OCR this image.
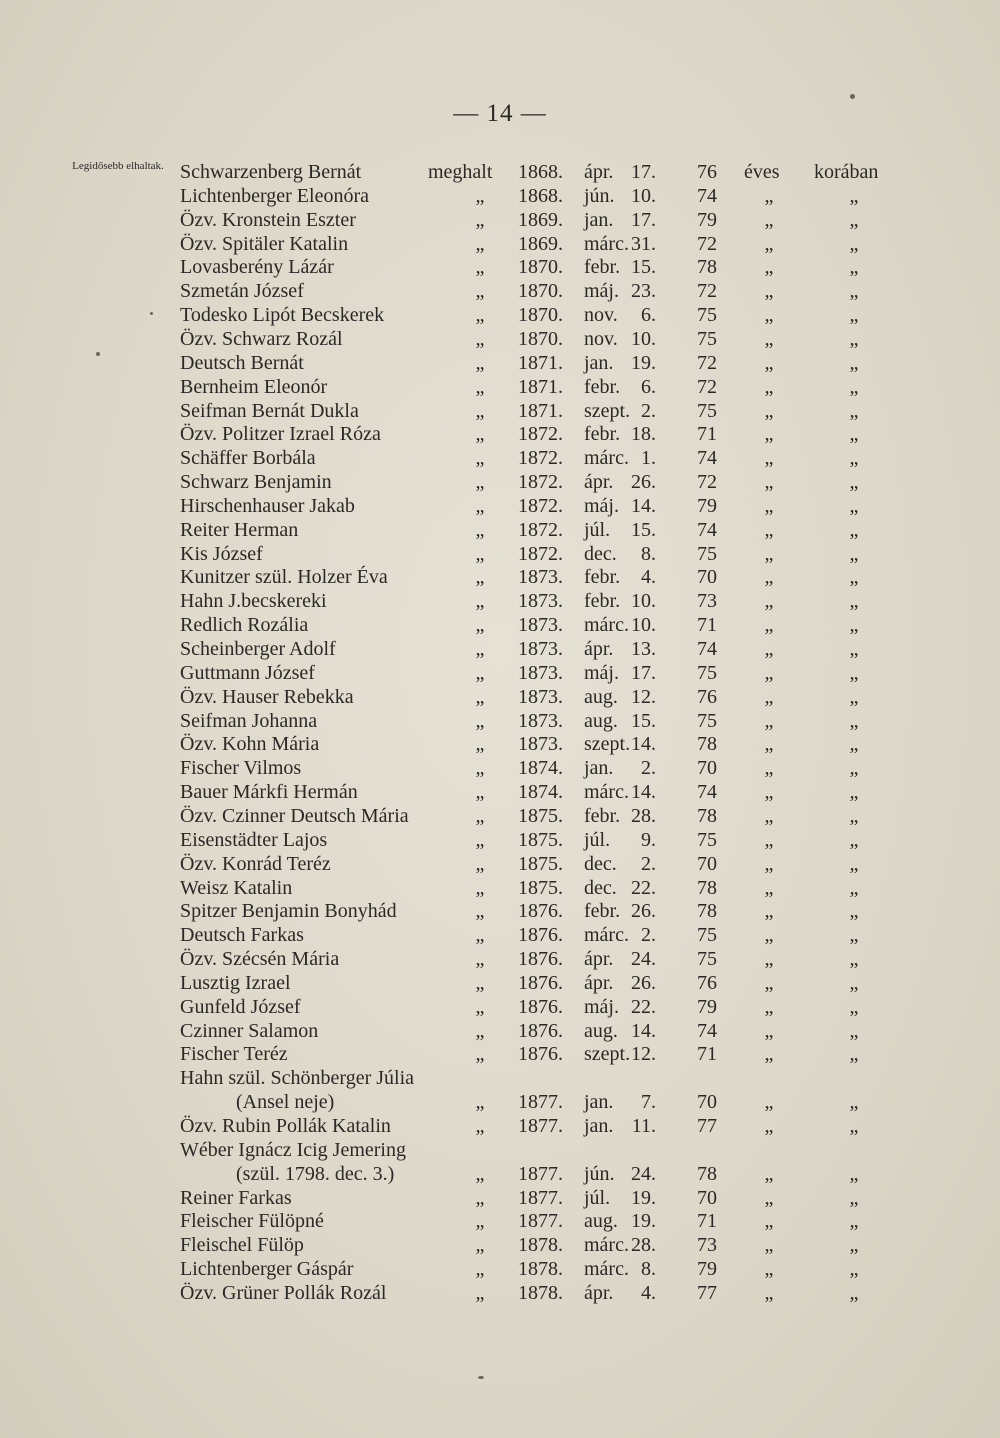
— 14 —
Legidősebb elhaltak. Schwarzenberg Bernát	meghalt 1868. ápr. 17.	76	éves korában
Lichtenberger Eleonóra	„	1868. jún. 10.	74	„	„
Özv. Kronstein Eszter	„	1869. jan. 17.	79	„	„
Özv. Spitäler Katalin	„	1869. márc. 31.	72	„	„
Lovasberény Lázár	„	1870. febr. 15.	78	„	„
Szmetán József	„	1870. máj. 23.	72	„	„
Todesko Lipót Becskerek	„	1870. nov.	6.	75	„	„
Özv. Schwarz Rozál	„	1870. nov. 10.	75	„	„
Deutsch Bernát	„	1871. jan. 19.	72	„	„
Bernheim Eleonór	„	1871. febr.	6.	72	„	„
Seifman Bernát Dukla	„	1871. szept. 2.	75	„	„
Özv. Politzer Izrael Róza	„	1872. febr. 18.	71	„	„
Schäffer Borbála	„	1872. márc. 1.	74	„	„
Schwarz Benjamin	„	1872. ápr. 26.	72	„	„
Hirschenhauser Jakab	„	1872. máj. 14.	79	„	„
Reiter Herman	„	1872. júl. 15.	74	„	„
Kis József	„	1872. dec.	8.	75	„	„
Kunitzer szül. Holzer Éva	„	1873. febr.	4.	70	„	„
Hahn J.becskereki	„	1873. febr. 10.	73	„	„
Redlich Rozália	„	1873. márc. 10.	71	„	„
Scheinberger Adolf	„	1873. ápr. 13.	74	„	„
Guttmann József	„	1873. máj. 17.	75	„	„
Özv. Hauser Rebekka	„	1873. aug. 12.	76	„	„
Seifman Johanna	„	1873. aug. 15.	75	„	„
Özv. Kohn Mária	„	1873. szept. 14.	78	„	„
Fischer Vilmos	„	1874. jan.	2.	70	„	„
Bauer Márkfi Hermán	„	1874. márc. 14.	74	„	„
Özv. Czinner Deutsch Mária	„	1875. febr. 28.	78	„	„
Eisenstädter Lajos	„	1875. júl.	9.	75	„	„
Özv. Konrád Teréz	„	1875. dec.	2.	70	„	„
Weisz Katalin	„	1875. dec. 22.	78	„	„
Spitzer Benjamin Bonyhád	„	1876. febr. 26.	78	„	„
Deutsch Farkas	„	1876. márc. 2.	75	„	„
Özv. Szécsén Mária	„	1876. ápr. 24.	75	„	„
Lusztig Izrael	„	1876. ápr. 26.	76	„	„
Gunfeld József	„	1876. máj. 22.	79	„	„
Czinner Salamon	„	1876. aug. 14.	74	„	„
Fischer Teréz	„	1876. szept. 12.	71	„	„
Hahn szül. Schönberger Júlia
(Ansel neje)	„	1877. jan.	7.	70	„	„
Özv. Rubin Pollák Katalin	„	1877. jan. 11.	77	„	„
Wéber Ignácz Icig Jemering
(szül. 1798. dec. 3.)	„	1877. jún. 24.	78	„	„
Reiner Farkas	„	1877. júl. 19.	70	„	„
Fleischer Fülöpné	„	1877. aug. 19.	71	„	„
Fleischel Fülöp	„	1878. márc. 28.	73	„	„
Lichtenberger Gáspár	„	1878. márc. 8.	79	„	„
Özv. Grüner Pollák Rozál	„	1878. ápr.	4.	77	„	„
